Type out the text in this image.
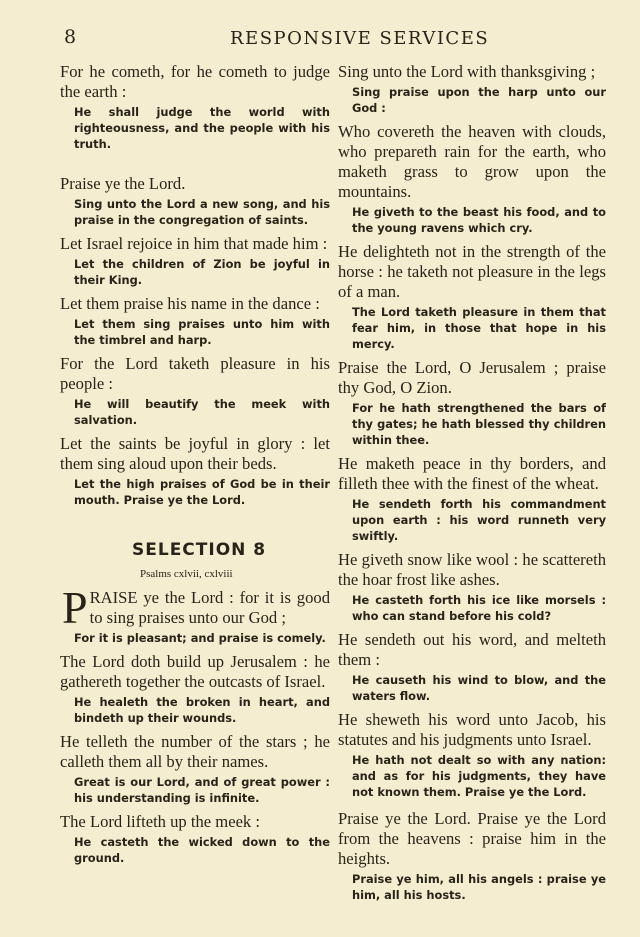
8	RESPONSIVE SERVICES

For he cometh, for he cometh to judge the earth :

He shall judge the world with righteousness, and the people with his truth.

Praise ye the Lord.

Sing unto the Lord a new song, and his praise in the congregation of saints.

Let Israel rejoice in him that made him :

Let the children of Zion be joyful in their King.

Let them praise his name in the dance :

Let them sing praises unto him with the timbrel and harp.

For the Lord taketh pleasure in his people :

He will beautify the meek with salvation.

Let the saints be joyful in glory : let them sing aloud upon their beds.

Let the high praises of God be in their mouth. Praise ye the Lord.

SELECTION 8
Psalms cxlvii, cxlviii

PRAISE ye the Lord : for it is good to sing praises unto our God ;

For it is pleasant; and praise is comely.

The Lord doth build up Jerusalem : he gathereth together the outcasts of Israel.

He healeth the broken in heart, and bindeth up their wounds.

He telleth the number of the stars ; he calleth them all by their names.

Great is our Lord, and of great power : his understanding is infinite.

The Lord lifteth up the meek :

He casteth the wicked down to the ground.

Sing unto the Lord with thanksgiving ;

Sing praise upon the harp unto our God :

Who covereth the heaven with clouds, who prepareth rain for the earth, who maketh grass to grow upon the mountains.

He giveth to the beast his food, and to the young ravens which cry.

He delighteth not in the strength of the horse : he taketh not pleasure in the legs of a man.

The Lord taketh pleasure in them that fear him, in those that hope in his mercy.

Praise the Lord, O Jerusalem ; praise thy God, O Zion.

For he hath strengthened the bars of thy gates; he hath blessed thy children within thee.

He maketh peace in thy borders, and filleth thee with the finest of the wheat.

He sendeth forth his commandment upon earth : his word runneth very swiftly.

He giveth snow like wool : he scattereth the hoar frost like ashes.

He casteth forth his ice like morsels : who can stand before his cold?

He sendeth out his word, and melteth them :

He causeth his wind to blow, and the waters flow.

He sheweth his word unto Jacob, his statutes and his judgments unto Israel.

He hath not dealt so with any nation: and as for his judgments, they have not known them. Praise ye the Lord.

Praise ye the Lord. Praise ye the Lord from the heavens : praise him in the heights.

Praise ye him, all his angels : praise ye him, all his hosts.
